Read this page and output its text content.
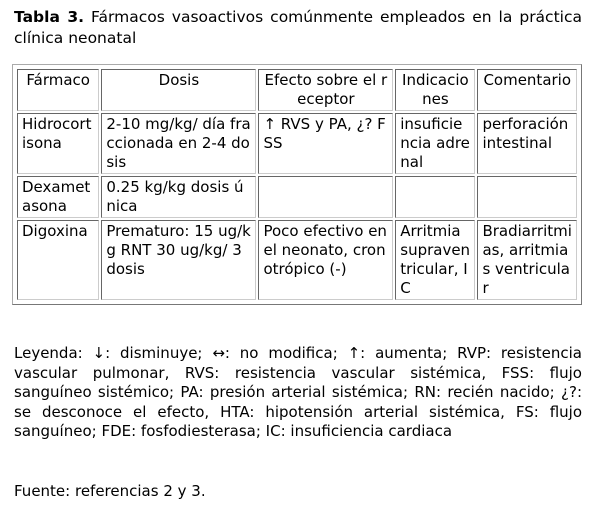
Tabla 3. Fármacos vasoactivos comúnmente empleados en la práctica clínica neonatal
Fármaco	Dosis	Efecto sobre el receptor	Indicaciones	Comentario
Hidrocortisona	2-10 mg/kg/ día fraccionada en 2-4 dosis	↑ RVS y PA, ¿? FSS	insuficiencia adrenal	perforación intestinal
Dexametasona	0.25 kg/kg dosis única			
Digoxina	Prematuro: 15 ug/kg RNT 30 ug/kg/ 3 dosis	Poco efectivo en el neonato, cronotrópico (-)	Arritmia supraventricular, IC	Bradiarritmias, arritmias ventricular
Leyenda: ↓: disminuye; ↔: no modifica; ↑: aumenta; RVP: resistencia vascular pulmonar, RVS: resistencia vascular sistémica, FSS: flujo sanguíneo sistémico; PA: presión arterial sistémica; RN: recién nacido; ¿?: se desconoce el efecto, HTA: hipotensión arterial sistémica, FS: flujo sanguíneo; FDE: fosfodiesterasa; IC: insuficiencia cardiaca
Fuente: referencias 2 y 3.
